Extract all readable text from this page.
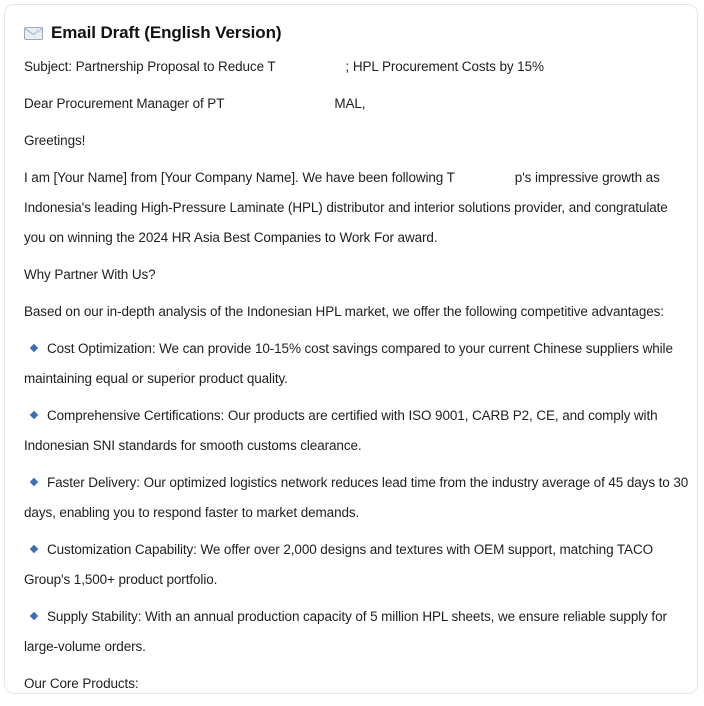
Email Draft (English Version)
Subject: Partnership Proposal to Reduce T	; HPL Procurement Costs by 15%
Dear Procurement Manager of PT	MAL,
Greetings!
I am [Your Name] from [Your Company Name]. We have been following T	p's impressive growth as
Indonesia's leading High-Pressure Laminate (HPL) distributor and interior solutions provider, and congratulate
you on winning the 2024 HR Asia Best Companies to Work For award.
Why Partner With Us?
Based on our in-depth analysis of the Indonesian HPL market, we offer the following competitive advantages:
Cost Optimization: We can provide 10-15% cost savings compared to your current Chinese suppliers while
maintaining equal or superior product quality.
Comprehensive Certifications: Our products are certified with ISO 9001, CARB P2, CE, and comply with
Indonesian SNI standards for smooth customs clearance.
Faster Delivery: Our optimized logistics network reduces lead time from the industry average of 45 days to 30
days, enabling you to respond faster to market demands.
Customization Capability: We offer over 2,000 designs and textures with OEM support, matching TACO
Group's 1,500+ product portfolio.
Supply Stability: With an annual production capacity of 5 million HPL sheets, we ensure reliable supply for
large-volume orders.
Our Core Products:
